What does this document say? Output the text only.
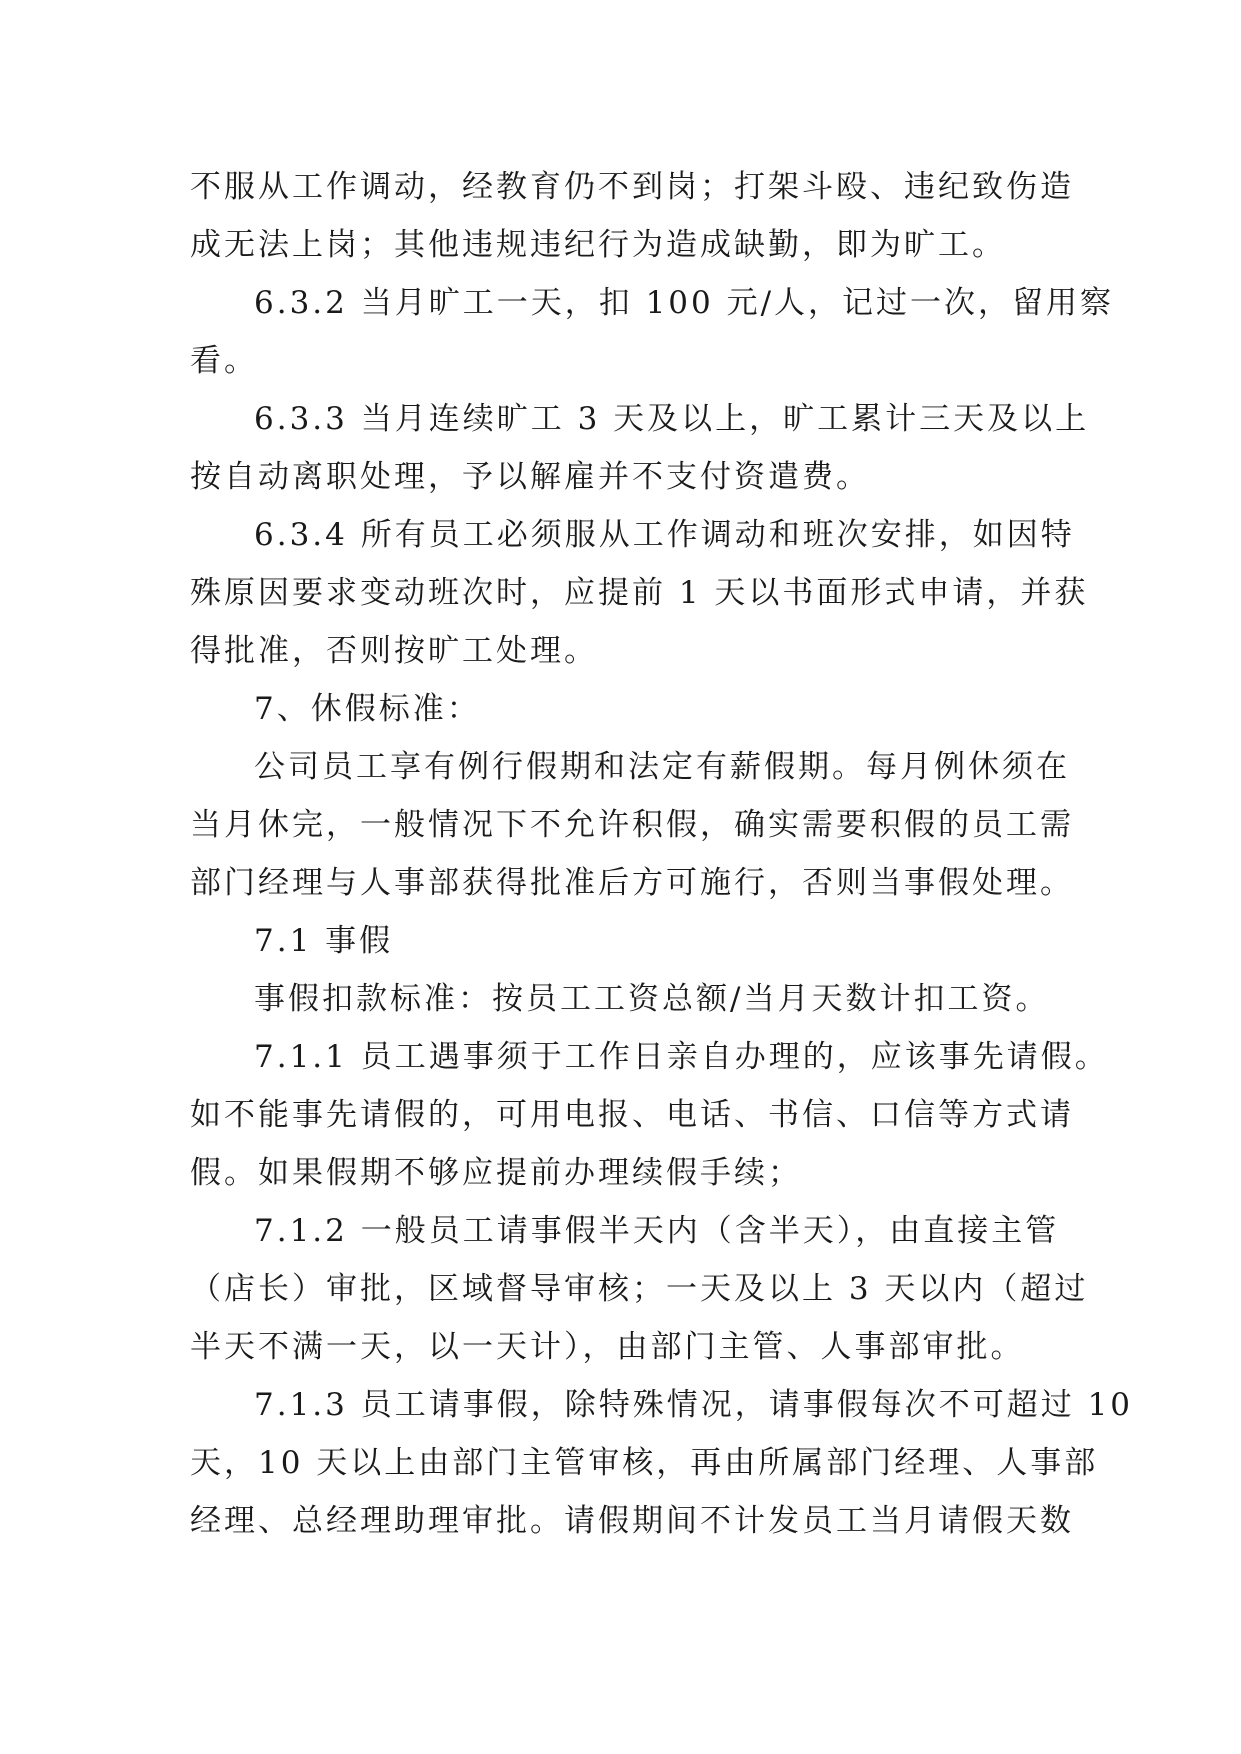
不服从工作调动，经教育仍不到岗；打架斗殴、违纪致伤造
成无法上岗；其他违规违纪行为造成缺勤，即为旷工。
6.3.2 当月旷工一天，扣 100 元/人，记过一次，留用察
看。
6.3.3 当月连续旷工 3 天及以上，旷工累计三天及以上
按自动离职处理，予以解雇并不支付资遣费。
6.3.4 所有员工必须服从工作调动和班次安排，如因特
殊原因要求变动班次时，应提前 1 天以书面形式申请，并获
得批准，否则按旷工处理。
7、休假标准：
公司员工享有例行假期和法定有薪假期。每月例休须在
当月休完，一般情况下不允许积假，确实需要积假的员工需
部门经理与人事部获得批准后方可施行，否则当事假处理。
7.1 事假
事假扣款标准：按员工工资总额/当月天数计扣工资。
7.1.1 员工遇事须于工作日亲自办理的，应该事先请假。
如不能事先请假的，可用电报、电话、书信、口信等方式请
假。如果假期不够应提前办理续假手续；
7.1.2 一般员工请事假半天内（含半天），由直接主管
（店长）审批，区域督导审核；一天及以上 3 天以内（超过
半天不满一天，以一天计），由部门主管、人事部审批。
7.1.3 员工请事假，除特殊情况，请事假每次不可超过 10
天，10 天以上由部门主管审核，再由所属部门经理、人事部
经理、总经理助理审批。请假期间不计发员工当月请假天数
